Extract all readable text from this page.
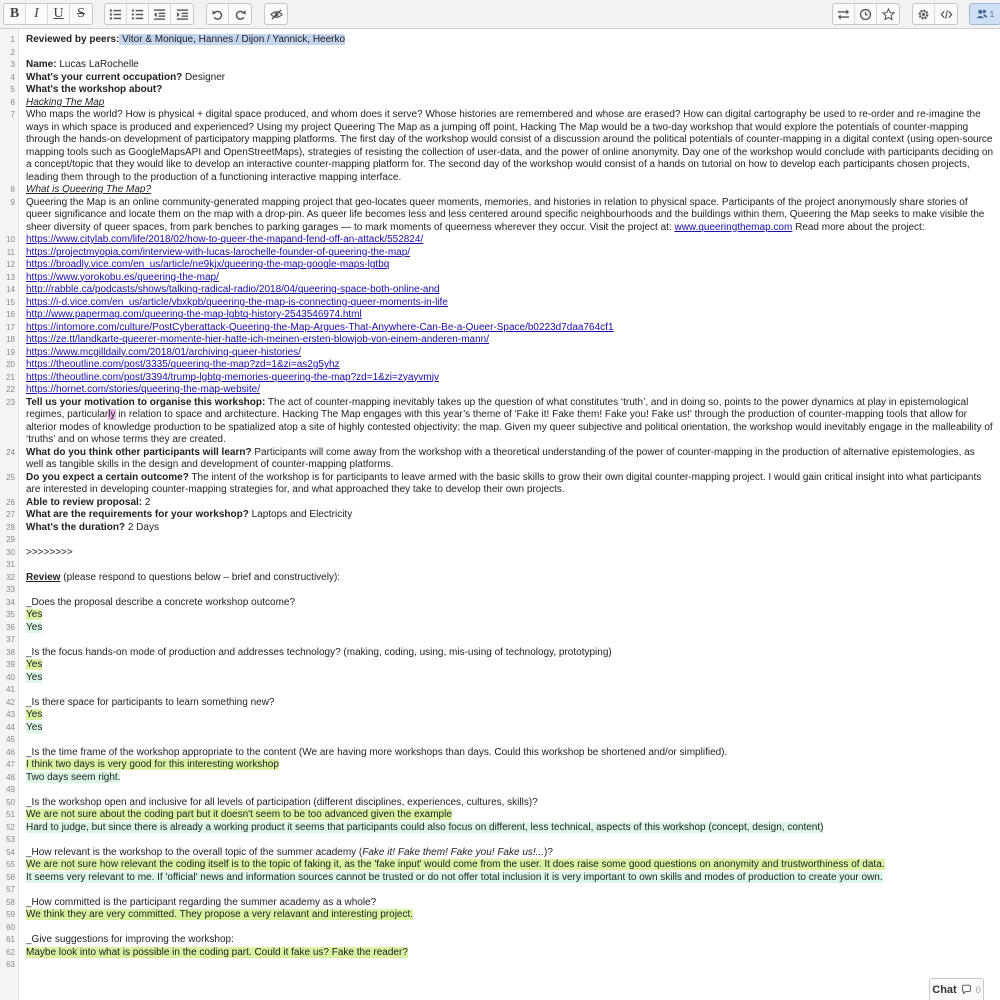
B	I	U S	1
1 Reviewed by peers: Vitor & Monique, Hannes / Dijon / Yannick, Heerko
2
3 Name: Lucas LaRochelle
4 What's your current occupation? Designer
5 What's the workshop about?
6 Hacking The Map
7 Who maps the world? How is physical + digital space produced, and whom does it serve? Whose histories are remembered and whose are erased? How can digital cartography be used to re-order and re-imagine the ways in which space is produced and experienced? Using my project Queering The Map as a jumping off point, Hacking The Map would be a two-day workshop that would explore the potentials of counter-mapping through the hands-on development of participatory mapping platforms. The first day of the workshop would consist of a discussion around the political potentials of counter-mapping in a digital context (using open-source mapping tools such as GoogleMapsAPI and OpenStreetMaps), strategies of resisting the collection of user-data, and the power of online anonymity. Day one of the workshop would conclude with participants deciding on a concept/topic that they would like to develop an interactive counter-mapping platform for. The second day of the workshop would consist of a hands on tutorial on how to develop each participants chosen projects, leading them through to the production of a functioning interactive mapping interface.
8 What is Queering The Map?
9 Queering the Map is an online community-generated mapping project that geo-locates queer moments, memories, and histories in relation to physical space. Participants of the project anonymously share stories of queer significance and locate them on the map with a drop-pin. As queer life becomes less and less centered around specific neighbourhoods and the buildings within them, Queering the Map seeks to make visible the sheer diversity of queer spaces, from park benches to parking garages — to mark moments of queerness wherever they occur. Visit the project at: www.queeringthemap.com Read more about the project:
10 https://www.citylab.com/life/2018/02/how-to-queer-the-mapand-fend-off-an-attack/552824/
11 https://projectmyopia.com/interview-with-lucas-larochelle-founder-of-queering-the-map/
12 https://broadly.vice.com/en_us/article/ne9kjx/queering-the-map-google-maps-lgtbq
13 https://www.yorokobu.es/queering-the-map/
14 http://rabble.ca/podcasts/shows/talking-radical-radio/2018/04/queering-space-both-online-and
15 https://i-d.vice.com/en_us/article/vbxkpb/queering-the-map-is-connecting-queer-moments-in-life
16 http://www.papermag.com/queering-the-map-lgbtq-history-2543546974.html
17 https://intomore.com/culture/PostCyberattack-Queering-the-Map-Argues-That-Anywhere-Can-Be-a-Queer-Space/b0223d7daa764cf1
18 https://ze.tt/landkarte-queerer-momente-hier-hatte-ich-meinen-ersten-blowjob-von-einem-anderen-mann/
19 https://www.mcgilldaily.com/2018/01/archiving-queer-histories/
20 https://theoutline.com/post/3335/queering-the-map?zd=1&zi=as2g5yhz
21 https://theoutline.com/post/3394/trump-lgbtq-memories-queering-the-map?zd=1&zi=zyayvmjv
22 https://hornet.com/stories/queering-the-map-website/
23 Tell us your motivation to organise this workshop: The act of counter-mapping inevitably takes up the question of what constitutes ‘truth’, and in doing so, points to the power dynamics at play in epistemological regimes, particularly in relation to space and architecture. Hacking The Map engages with this year’s theme of 'Fake it! Fake them! Fake you! Fake us!' through the production of counter-mapping tools that allow for alterior modes of knowledge production to be spatialized atop a site of highly contested objectivity: the map. Given my queer subjective and political orientation, the workshop would inevitably engage in the malleability of ‘truths’ and on whose terms they are created.
24 What do you think other participants will learn? Participants will come away from the workshop with a theoretical understanding of the power of counter-mapping in the production of alternative epistemologies, as well as tangible skills in the design and development of counter-mapping platforms.
25 Do you expect a certain outcome? The intent of the workshop is for participants to leave armed with the basic skills to grow their own digital counter-mapping project. I would gain critical insight into what participants are interested in developing counter-mapping strategies for, and what approached they take to develop their own projects.
26 Able to review proposal: 2
27 What are the requirements for your workshop? Laptops and Electricity
28 What's the duration? 2 Days
29
30 >>>>>>>>
31
32 Review (please respond to questions below – brief and constructively):
33
34 _Does the proposal describe a concrete workshop outcome?
35 Yes
36 Yes
37
38 _Is the focus hands-on mode of production and addresses technology? (making, coding, using, mis-using of technology, prototyping)
39 Yes
40 Yes
41
42 _Is there space for participants to learn something new?
43 Yes
44 Yes
45
46 _Is the time frame of the workshop appropriate to the content (We are having more workshops than days. Could this workshop be shortened and/or simplified).
47 I think two days is very good for this interesting workshop
48 Two days seem right.
49
50 _Is the workshop open and inclusive for all levels of participation (different disciplines, experiences, cultures, skills)?
51 We are not sure about the coding part but it doesn't seem to be too advanced given the example
52 Hard to judge, but since there is already a working product it seems that participants could also focus on different, less technical, aspects of this workshop (concept, design, content)
53
54 _How relevant is the workshop to the overall topic of the summer academy (Fake it! Fake them! Fake you! Fake us!...)?
55 We are not sure how relevant the coding itself is to the topic of faking it, as the 'fake input' would come from the user. It does raise some good questions on anonymity and trustworthiness of data.
56 It seems very relevant to me. If 'official' news and information sources cannot be trusted or do not offer total inclusion it is very important to own skills and modes of production to create your own.
57
58 _How committed is the participant regarding the summer academy as a whole?
59 We think they are very committed. They propose a very relavant and interesting project.
60
61 _Give suggestions for improving the workshop:
62 Maybe look into what is possible in the coding part. Could it fake us? Fake the reader?
63
Chat 0
